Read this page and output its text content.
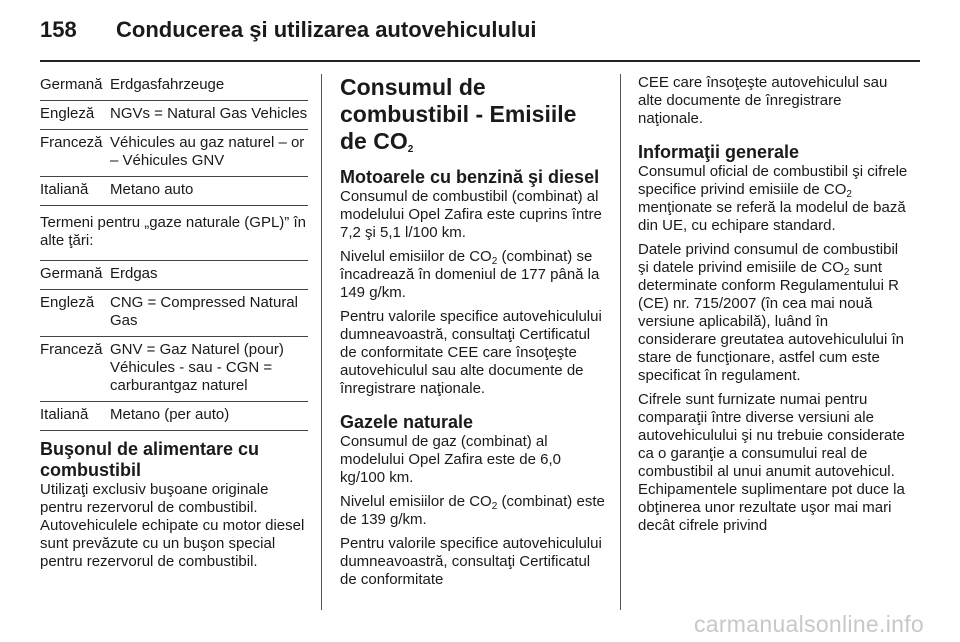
158	Conducerea şi utilizarea autovehiculului
Germană Erdgasfahrzeuge
Engleză	NGVs = Natural Gas Vehicles
Franceză Véhicules au gaz naturel – or – Véhicules GNV
Italiană	Metano auto

Termeni pentru „gaze naturale (GPL)” în alte ţări:

Germană Erdgas
Engleză	CNG = Compressed Natural Gas
Franceză GNV = Gaz Naturel (pour) Véhicules - sau - CGN = carburantgaz naturel
Italiană	Metano (per auto)
Buşonul de alimentare cu combustibil

Utilizaţi exclusiv buşoane originale pentru rezervorul de combustibil. Autovehiculele echipate cu motor diesel sunt prevăzute cu un buşon special pentru rezervorul de combustibil.

Consumul de combustibil - Emisiile de $CO_2$
Motoarele cu benzină şi diesel

Consumul de combustibil (combinat) al modelului Opel Zafira este cuprins între 7,2 şi 5,1 l/100 km.

Nivelul emisiilor de $CO_2$ (combinat) se încadrează în domeniul de 177 până la 149 g/km.

Pentru valorile specifice autovehiculului dumneavoastră, consultaţi Certificatul de conformitate CEE care însoţeşte autovehiculul sau alte documente de înregistrare naţionale.

Gazele naturale

Consumul de gaz (combinat) al modelului Opel Zafira este de 6,0 kg/100 km.

Nivelul emisiilor de $CO_2$ (combinat) este de 139 g/km.

Pentru valorile specifice autovehiculului dumneavoastră, consultaţi Certificatul de conformitate

CEE care însoţeşte autovehiculul sau alte documente de înregistrare naţionale.

Informaţii generale

Consumul oficial de combustibil şi cifrele specifice privind emisiile de $CO_2$ menţionate se referă la modelul de bază din UE, cu echipare standard.

Datele privind consumul de combustibil şi datele privind emisiile de $CO_2$ sunt determinate conform Regulamentului R (CE) nr. 715/2007 (în cea mai nouă versiune aplicabilă), luând în considerare greutatea autovehiculului în stare de funcţionare, astfel cum este specificat în regulament.

Cifrele sunt furnizate numai pentru comparaţii între diverse versiuni ale autovehiculului şi nu trebuie considerate ca o garanţie a consumului real de combustibil al unui anumit autovehicul.

Echipamentele suplimentare pot duce la obţinerea unor rezultate uşor mai mari decât cifrele privind

carmanualsonline.info
